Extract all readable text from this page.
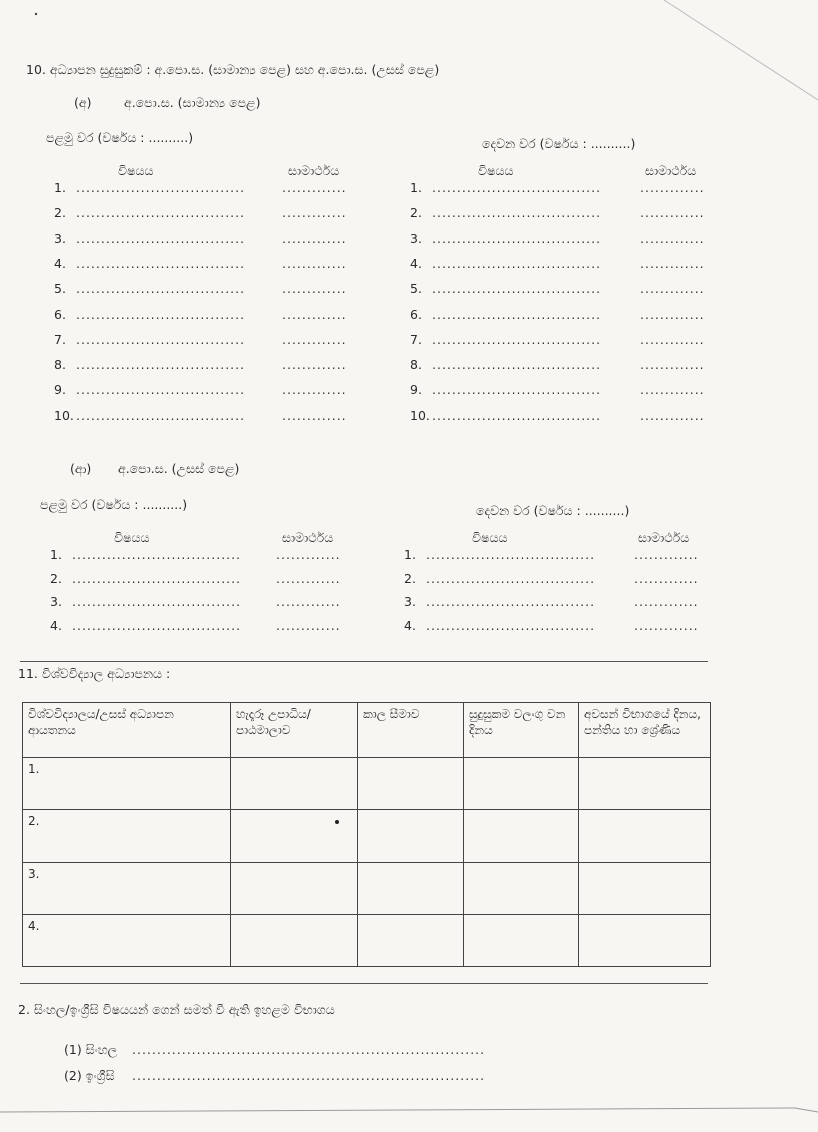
10. අධ්‍යාපන සුදුසුකම් : අ.පො.ස. (සාමාන්‍ය පෙළ) සහ අ.පො.ස. (උසස් පෙළ)
(අ)	අ.පො.ස. (සාමාන්‍ය පෙළ)
පළමු වර (වර්ෂය : ..........)	දෙවන වර (වර්ෂය : ..........)
විෂයය	සාමාර්ථය	විෂයය	සාමාර්ථය
1. ..................................	.............	1. ..................................	.............
2. ..................................	.............	2. ..................................	.............
3. ..................................	.............	3. ..................................	.............
4. ..................................	.............	4. ..................................	.............
5. ..................................	.............	5. ..................................	.............
6. ..................................	.............	6. ..................................	.............
7. ..................................	.............	7. ..................................	.............
8. ..................................	.............	8. ..................................	.............
9. ..................................	.............	9. ..................................	.............
10. ..................................	.............	10. ..................................	.............
(ආ) අ.පො.ස. (උසස් පෙළ)
පළමු වර (වර්ෂය : ..........)	දෙවන වර (වර්ෂය : ..........)
විෂයය	සාමාර්ථය	විෂයය	සාමාර්ථය
1. ..................................	.............	1. ..................................	.............
2. ..................................	.............	2. ..................................	.............
3. ..................................	.............	3. ..................................	.............
4. ..................................	.............	4. ..................................	.............
11. විශ්වවිද්‍යාල අධ්‍යාපනය :
විශ්වවිද්‍යාලය/උසස් අධ්‍යාපන ආයතනය	හැදෑරූ උපාධිය/ පාඨමාලාව	කාල සීමාව	සුදුසුකම වලංගු වන දිනය	අවසන් විභාගයේ දිනය, පන්තිය හා ශ්‍රේණිය
1.				
2.				
3.				
4.				
2. සිංහල/ඉංග්‍රීසි විෂයයන් ගෙන් සමත් වී ඇති ඉහළම විභාගය
(1) සිංහල .......................................................................
(2) ඉංග්‍රීසි .......................................................................
